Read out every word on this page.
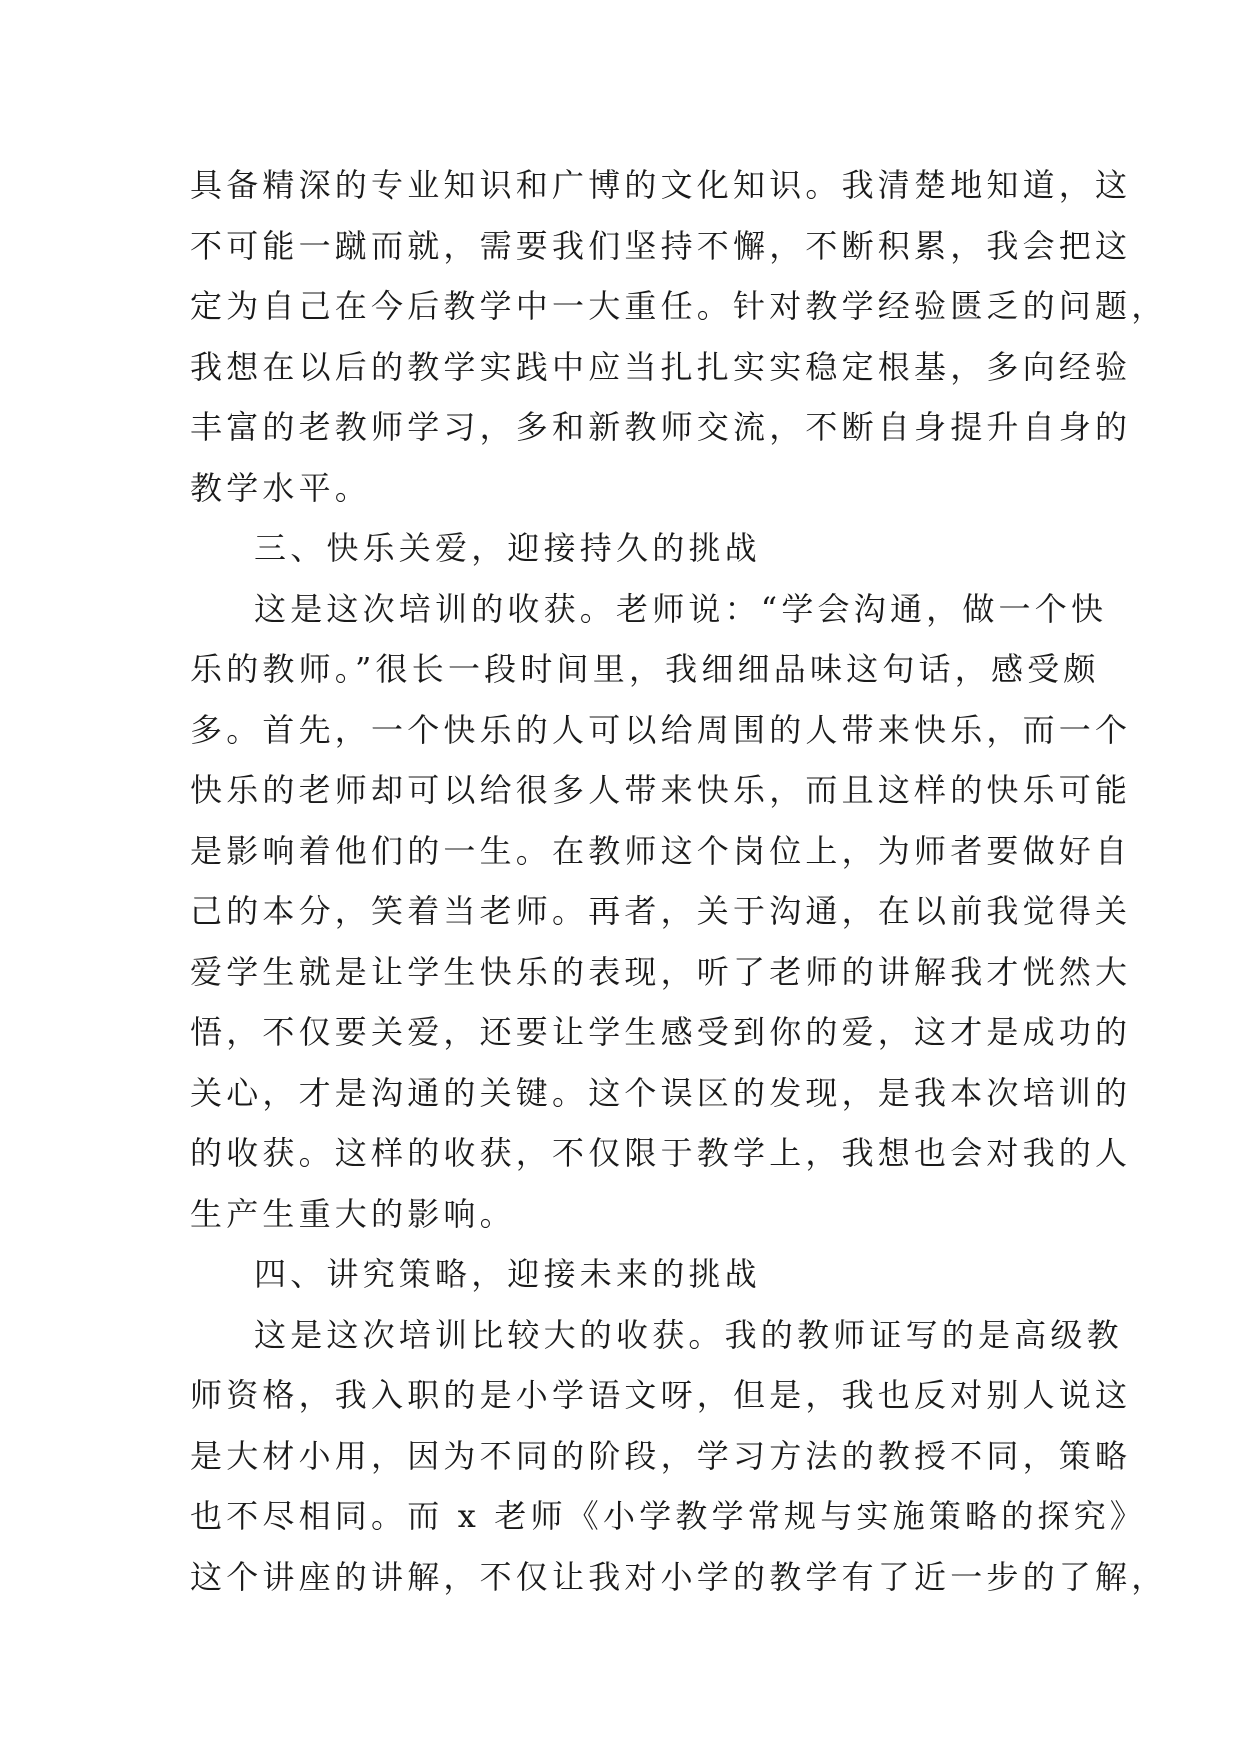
具备精深的专业知识和广博的文化知识。我清楚地知道，这
不可能一蹴而就，需要我们坚持不懈，不断积累，我会把这
定为自己在今后教学中一大重任。针对教学经验匮乏的问题，
我想在以后的教学实践中应当扎扎实实稳定根基，多向经验
丰富的老教师学习，多和新教师交流，不断自身提升自身的
教学水平。
三、快乐关爱，迎接持久的挑战
这是这次培训的收获。老师说：“学会沟通，做一个快
乐的教师。”很长一段时间里，我细细品味这句话，感受颇
多。首先，一个快乐的人可以给周围的人带来快乐，而一个
快乐的老师却可以给很多人带来快乐，而且这样的快乐可能
是影响着他们的一生。在教师这个岗位上，为师者要做好自
己的本分，笑着当老师。再者，关于沟通，在以前我觉得关
爱学生就是让学生快乐的表现，听了老师的讲解我才恍然大
悟，不仅要关爱，还要让学生感受到你的爱，这才是成功的
关心，才是沟通的关键。这个误区的发现，是我本次培训的
的收获。这样的收获，不仅限于教学上，我想也会对我的人
生产生重大的影响。
四、讲究策略，迎接未来的挑战
这是这次培训比较大的收获。我的教师证写的是高级教
师资格，我入职的是小学语文呀，但是，我也反对别人说这
是大材小用，因为不同的阶段，学习方法的教授不同，策略
也不尽相同。而 x 老师《小学教学常规与实施策略的探究》
这个讲座的讲解，不仅让我对小学的教学有了近一步的了解，
